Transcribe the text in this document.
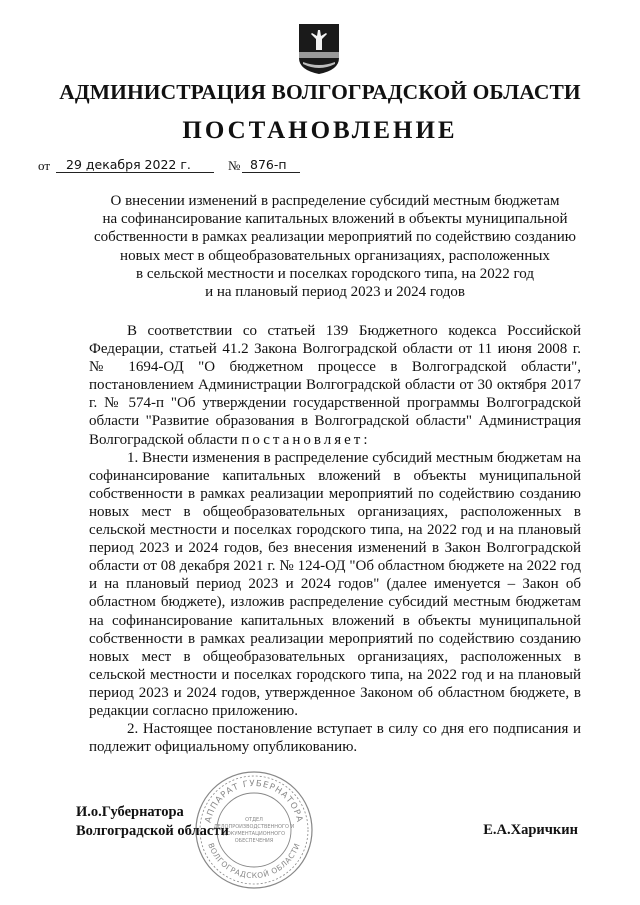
АДМИНИСТРАЦИЯ ВОЛГОГРАДСКОЙ ОБЛАСТИ
ПОСТАНОВЛЕНИЕ
от 29 декабря 2022 г.	№ 876-п
О внесении изменений в распределение субсидий местным бюджетам
на софинансирование капитальных вложений в объекты муниципальной
собственности в рамках реализации мероприятий по содействию созданию
новых мест в общеобразовательных организациях, расположенных
в сельской местности и поселках городского типа, на 2022 год
и на плановый период 2023 и 2024 годов

В соответствии со статьей 139 Бюджетного кодекса Российской Федерации, статьей 41.2 Закона Волгоградской области от 11 июня 2008 г. № 1694-ОД "О бюджетном процессе в Волгоградской области", постановлением Администрации Волгоградской области от 30 октября 2017 г. № 574-п "Об утверждении государственной программы Волгоградской области "Развитие образования в Волгоградской области" Администрация Волгоградской области постановляет:

1. Внести изменения в распределение субсидий местным бюджетам на софинансирование капитальных вложений в объекты муниципальной собственности в рамках реализации мероприятий по содействию созданию новых мест в общеобразовательных организациях, расположенных в сельской местности и поселках городского типа, на 2022 год и на плановый период 2023 и 2024 годов, без внесения изменений в Закон Волгоградской области от 08 декабря 2021 г. № 124-ОД "Об областном бюджете на 2022 год и на плановый период 2023 и 2024 годов" (далее именуется – Закон об областном бюджете), изложив распределение субсидий местным бюджетам на софинансирование капитальных вложений в объекты муниципальной собственности в рамках реализации мероприятий по содействию созданию новых мест в общеобразовательных организациях, расположенных в сельской местности и поселках городского типа, на 2022 год и на плановый период 2023 и 2024 годов, утвержденное Законом об областном бюджете, в редакции согласно приложению.

2. Настоящее постановление вступает в силу со дня его подписания и подлежит официальному опубликованию.

И.о.Губернатора
Волгоградской области	Е.А.Харичкин
АППАРАТ ГУБЕРНАТОРА
ВОЛГОГРАДСКОЙ ОБЛАСТИ
ОТДЕЛ
ДЕЛОПРОИЗВОДСТВЕННОГО И
ДОКУМЕНТАЦИОННОГО
ОБЕСПЕЧЕНИЯ
